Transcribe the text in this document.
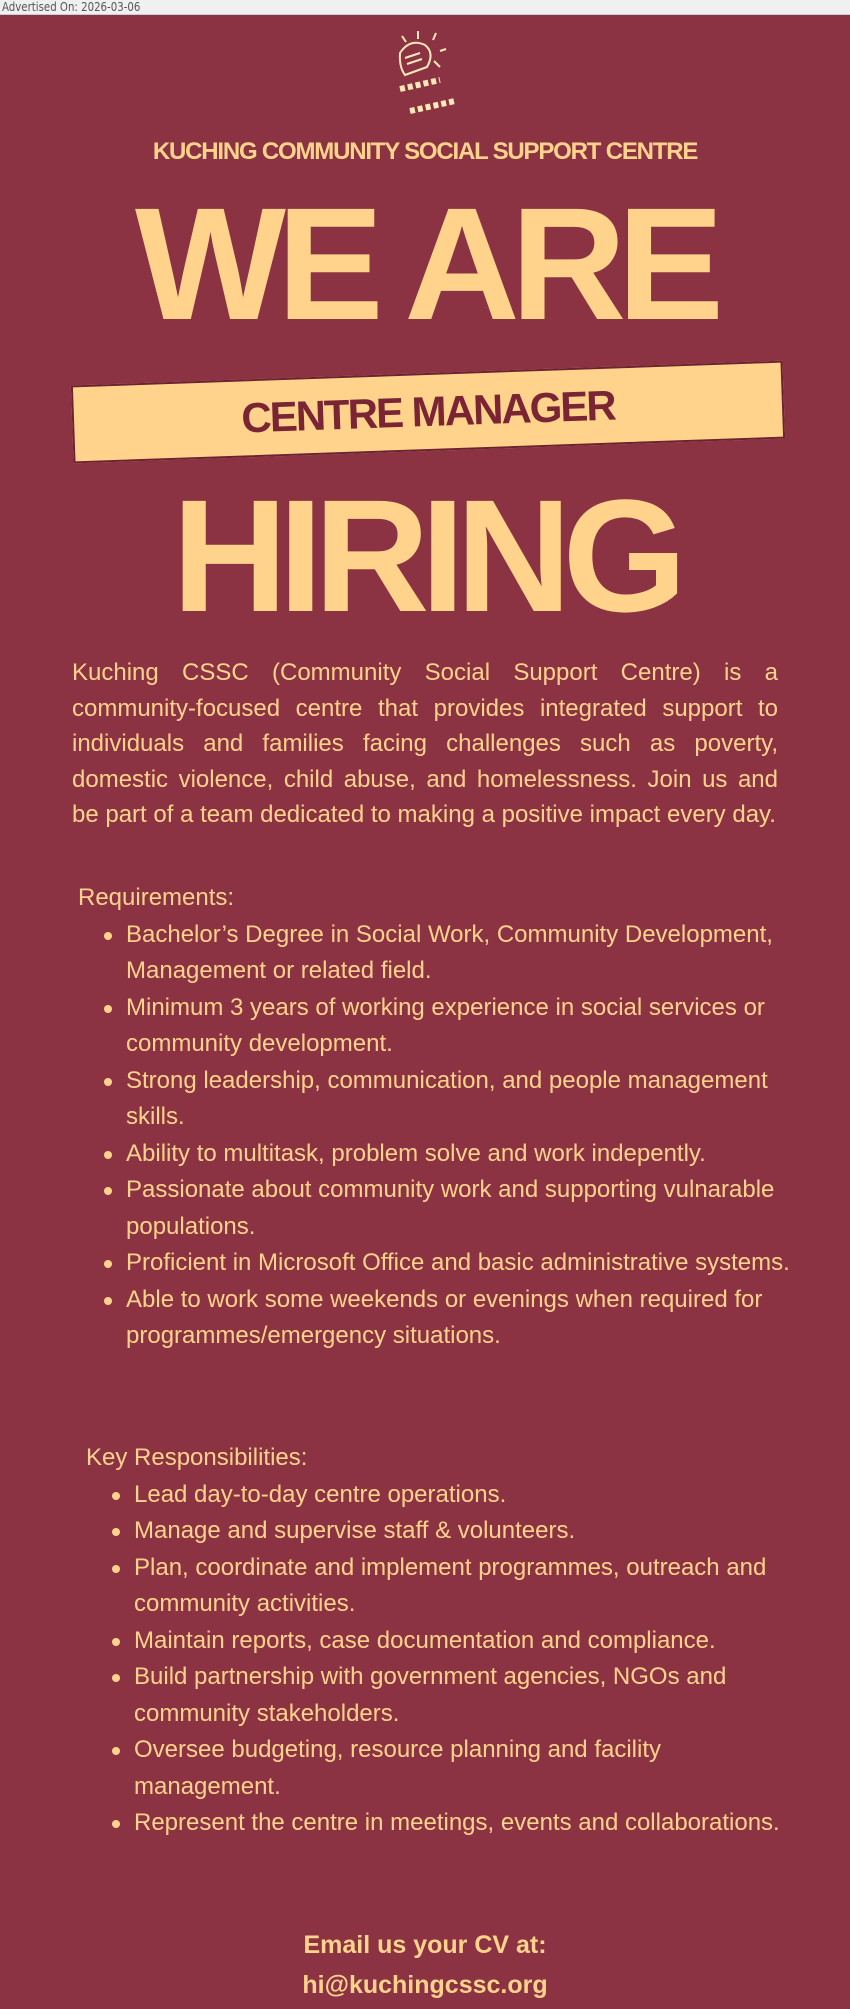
Advertised On: 2026-03-06
KUCHING COMMUNITY SOCIAL SUPPORT CENTRE
WE ARE
CENTRE MANAGER
HIRING

Kuching CSSC (Community Social Support Centre) is a community-focused centre that provides integrated support to individuals and families facing challenges such as poverty, domestic violence, child abuse, and homelessness. Join us and be part of a team dedicated to making a positive impact every day.

Requirements:
Bachelor’s Degree in Social Work, Community Development, Management or related field.
Minimum 3 years of working experience in social services or community development.
Strong leadership, communication, and people management skills.
Ability to multitask, problem solve and work indepently.
Passionate about community work and supporting vulnarable populations.
Proficient in Microsoft Office and basic administrative systems.
Able to work some weekends or evenings when required for programmes/emergency situations.
Key Responsibilities:
Lead day-to-day centre operations.
Manage and supervise staff & volunteers.
Plan, coordinate and implement programmes, outreach and community activities.
Maintain reports, case documentation and compliance.
Build partnership with government agencies, NGOs and community stakeholders.
Oversee budgeting, resource planning and facility management.
Represent the centre in meetings, events and collaborations.
Email us your CV at:
hi@kuchingcssc.org
